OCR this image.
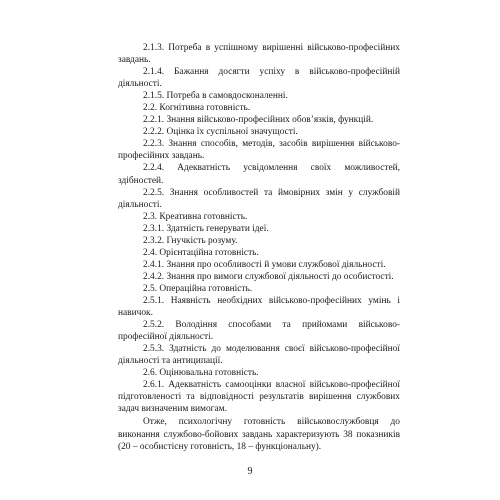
2.1.3. Потреба в успішному вирішенні військово-професійних завдань.

2.1.4. Бажання досягти успіху в військово-професійній діяльності.

2.1.5. Потреба в самовдосконаленні.

2.2. Когнітивна готовність.

2.2.1. Знання військово-професійних обов’язків, функцій.

2.2.2. Оцінка їх суспільної значущості.

2.2.3. Знання способів, методів, засобів вирішення військово-професійних завдань.

2.2.4. Адекватність усвідомлення своїх можливостей, здібностей.

2.2.5. Знання особливостей та ймовірних змін у службовій діяльності.

2.3. Креативна готовність.

2.3.1. Здатність генерувати ідеї.

2.3.2. Гнучкість розуму.

2.4. Орієнтаційна готовність.

2.4.1. Знання про особливості й умови службової діяльності.

2.4.2. Знання про вимоги службової діяльності до особистості.

2.5. Операційна готовність.

2.5.1. Наявність необхідних військово-професійних умінь і навичок.

2.5.2. Володіння способами та прийомами військово-професійної діяльності.

2.5.3. Здатність до моделювання своєї військово-професійної діяльності та антиципації.

2.6. Оцінювальна готовність.

2.6.1. Адекватність самооцінки власної військово-професійної підготовленості та відповідності результатів вирішення службових задач визначеним вимогам.

Отже, психологічну готовність військовослужбовця до виконання службово-бойових завдань характеризують 38 показників (20 – особистісну готовність, 18 – функціональну).

9
